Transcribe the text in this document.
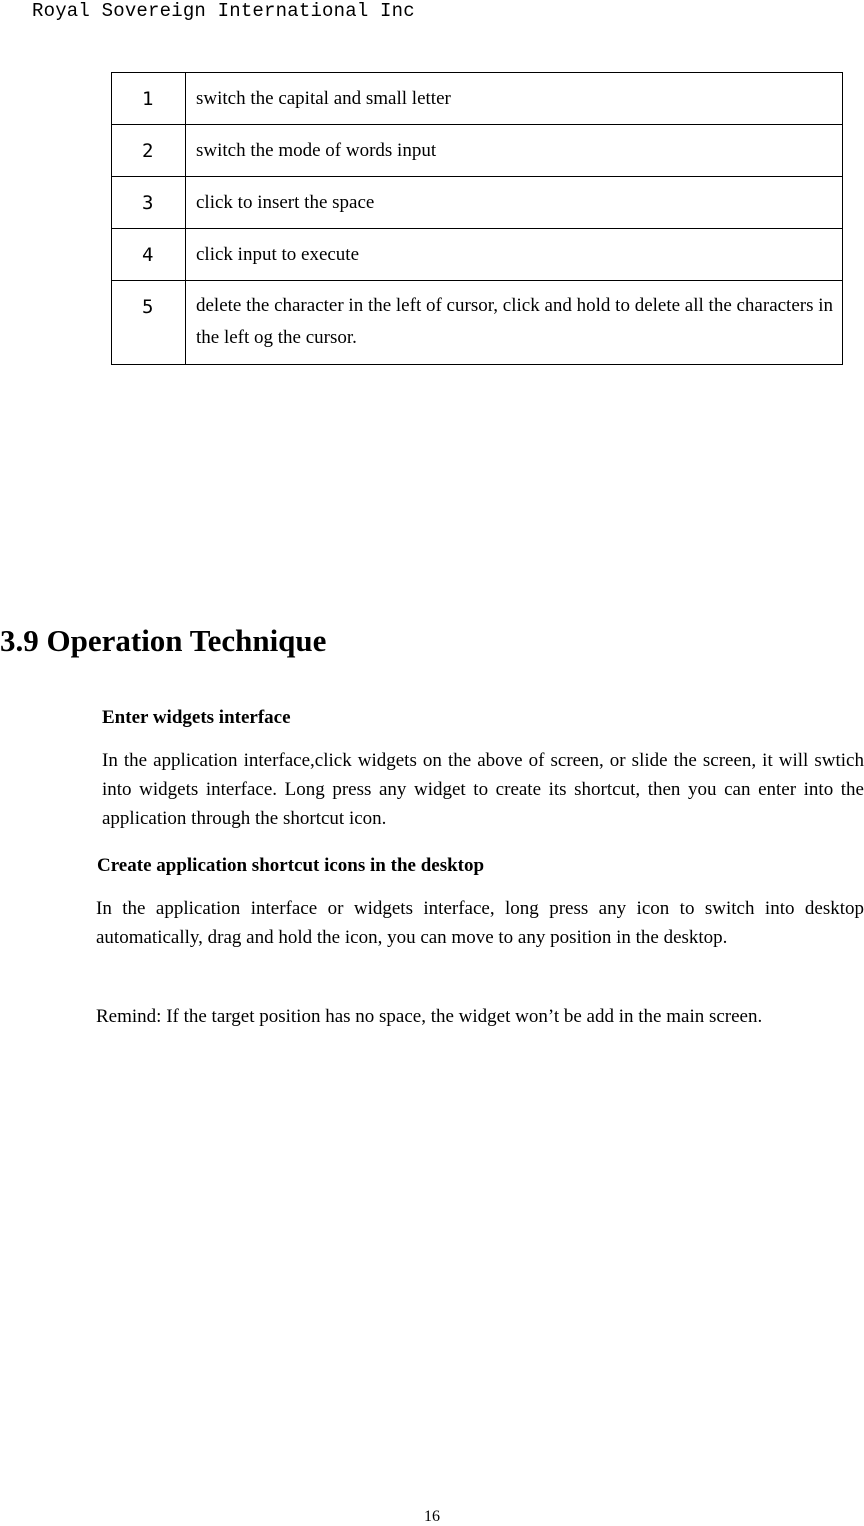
Royal Sovereign International Inc
1	switch the capital and small letter
2	switch the mode of words input
3	click to insert the space
4	click input to execute
5	delete the character in the left of cursor, click and hold to delete all the characters in the left og the cursor.
3.9 Operation Technique
Enter widgets interface

In the application interface,click widgets on the above of screen, or slide the screen, it will swtich into widgets interface. Long press any widget to create its shortcut, then you can enter into the application through the shortcut icon.

Create application shortcut icons in the desktop

In the application interface or widgets interface, long press any icon to switch into desktop automatically, drag and hold the icon, you can move to any position in the desktop.

Remind: If the target position has no space, the widget won’t be add in the main screen.

16
